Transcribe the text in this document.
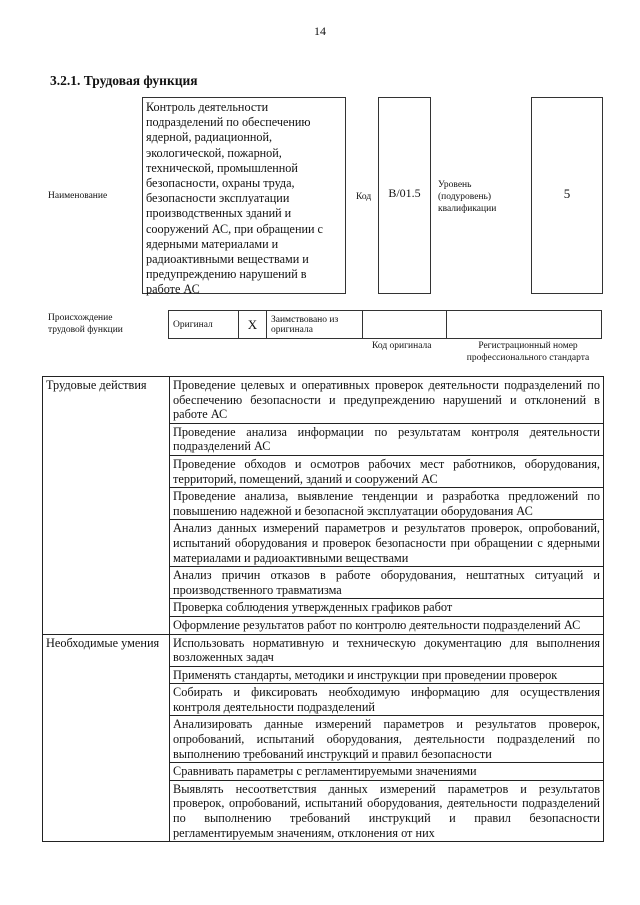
14
3.2.1. Трудовая функция
Наименование
Контроль деятельности подразделений по обеспечению ядерной, радиационной, экологической, пожарной, технической, промышленной безопасности, охраны труда, безопасности эксплуатации производственных зданий и сооружений АС, при обращении с ядерными материалами и радиоактивными веществами и предупреждению нарушений в работе АС
Код	B/01.5
Уровень (подуровень) квалификации
5
Происхождение трудовой функции
Оригинал	X	Заимствовано из оригинала		
Код оригинала	Регистрационный номер профессионального стандарта
Трудовые действия	Проведение целевых и оперативных проверок деятельности подразделений по обеспечению безопасности и предупреждению нарушений и отклонений в работе АС
	Проведение анализа информации по результатам контроля деятельности подразделений АС
	Проведение обходов и осмотров рабочих мест работников, оборудования, территорий, помещений, зданий и сооружений АС
	Проведение анализа, выявление тенденции и разработка предложений по повышению надежной и безопасной эксплуатации оборудования АС
	Анализ данных измерений параметров и результатов проверок, опробований, испытаний оборудования и проверок безопасности при обращении с ядерными материалами и радиоактивными веществами
	Анализ причин отказов в работе оборудования, нештатных ситуаций и производственного травматизма
	Проверка соблюдения утвержденных графиков работ
	Оформление результатов работ по контролю деятельности подразделений АС
Необходимые умения	Использовать нормативную и техническую документацию для выполнения возложенных задач
	Применять стандарты, методики и инструкции при проведении проверок
	Собирать и фиксировать необходимую информацию для осуществления контроля деятельности подразделений
	Анализировать данные измерений параметров и результатов проверок, опробований, испытаний оборудования, деятельности подразделений по выполнению требований инструкций и правил безопасности
	Сравнивать параметры с регламентируемыми значениями
	Выявлять несоответствия данных измерений параметров и результатов проверок, опробований, испытаний оборудования, деятельности подразделений по выполнению требований инструкций и правил безопасности регламентируемым значениям, отклонения от них
